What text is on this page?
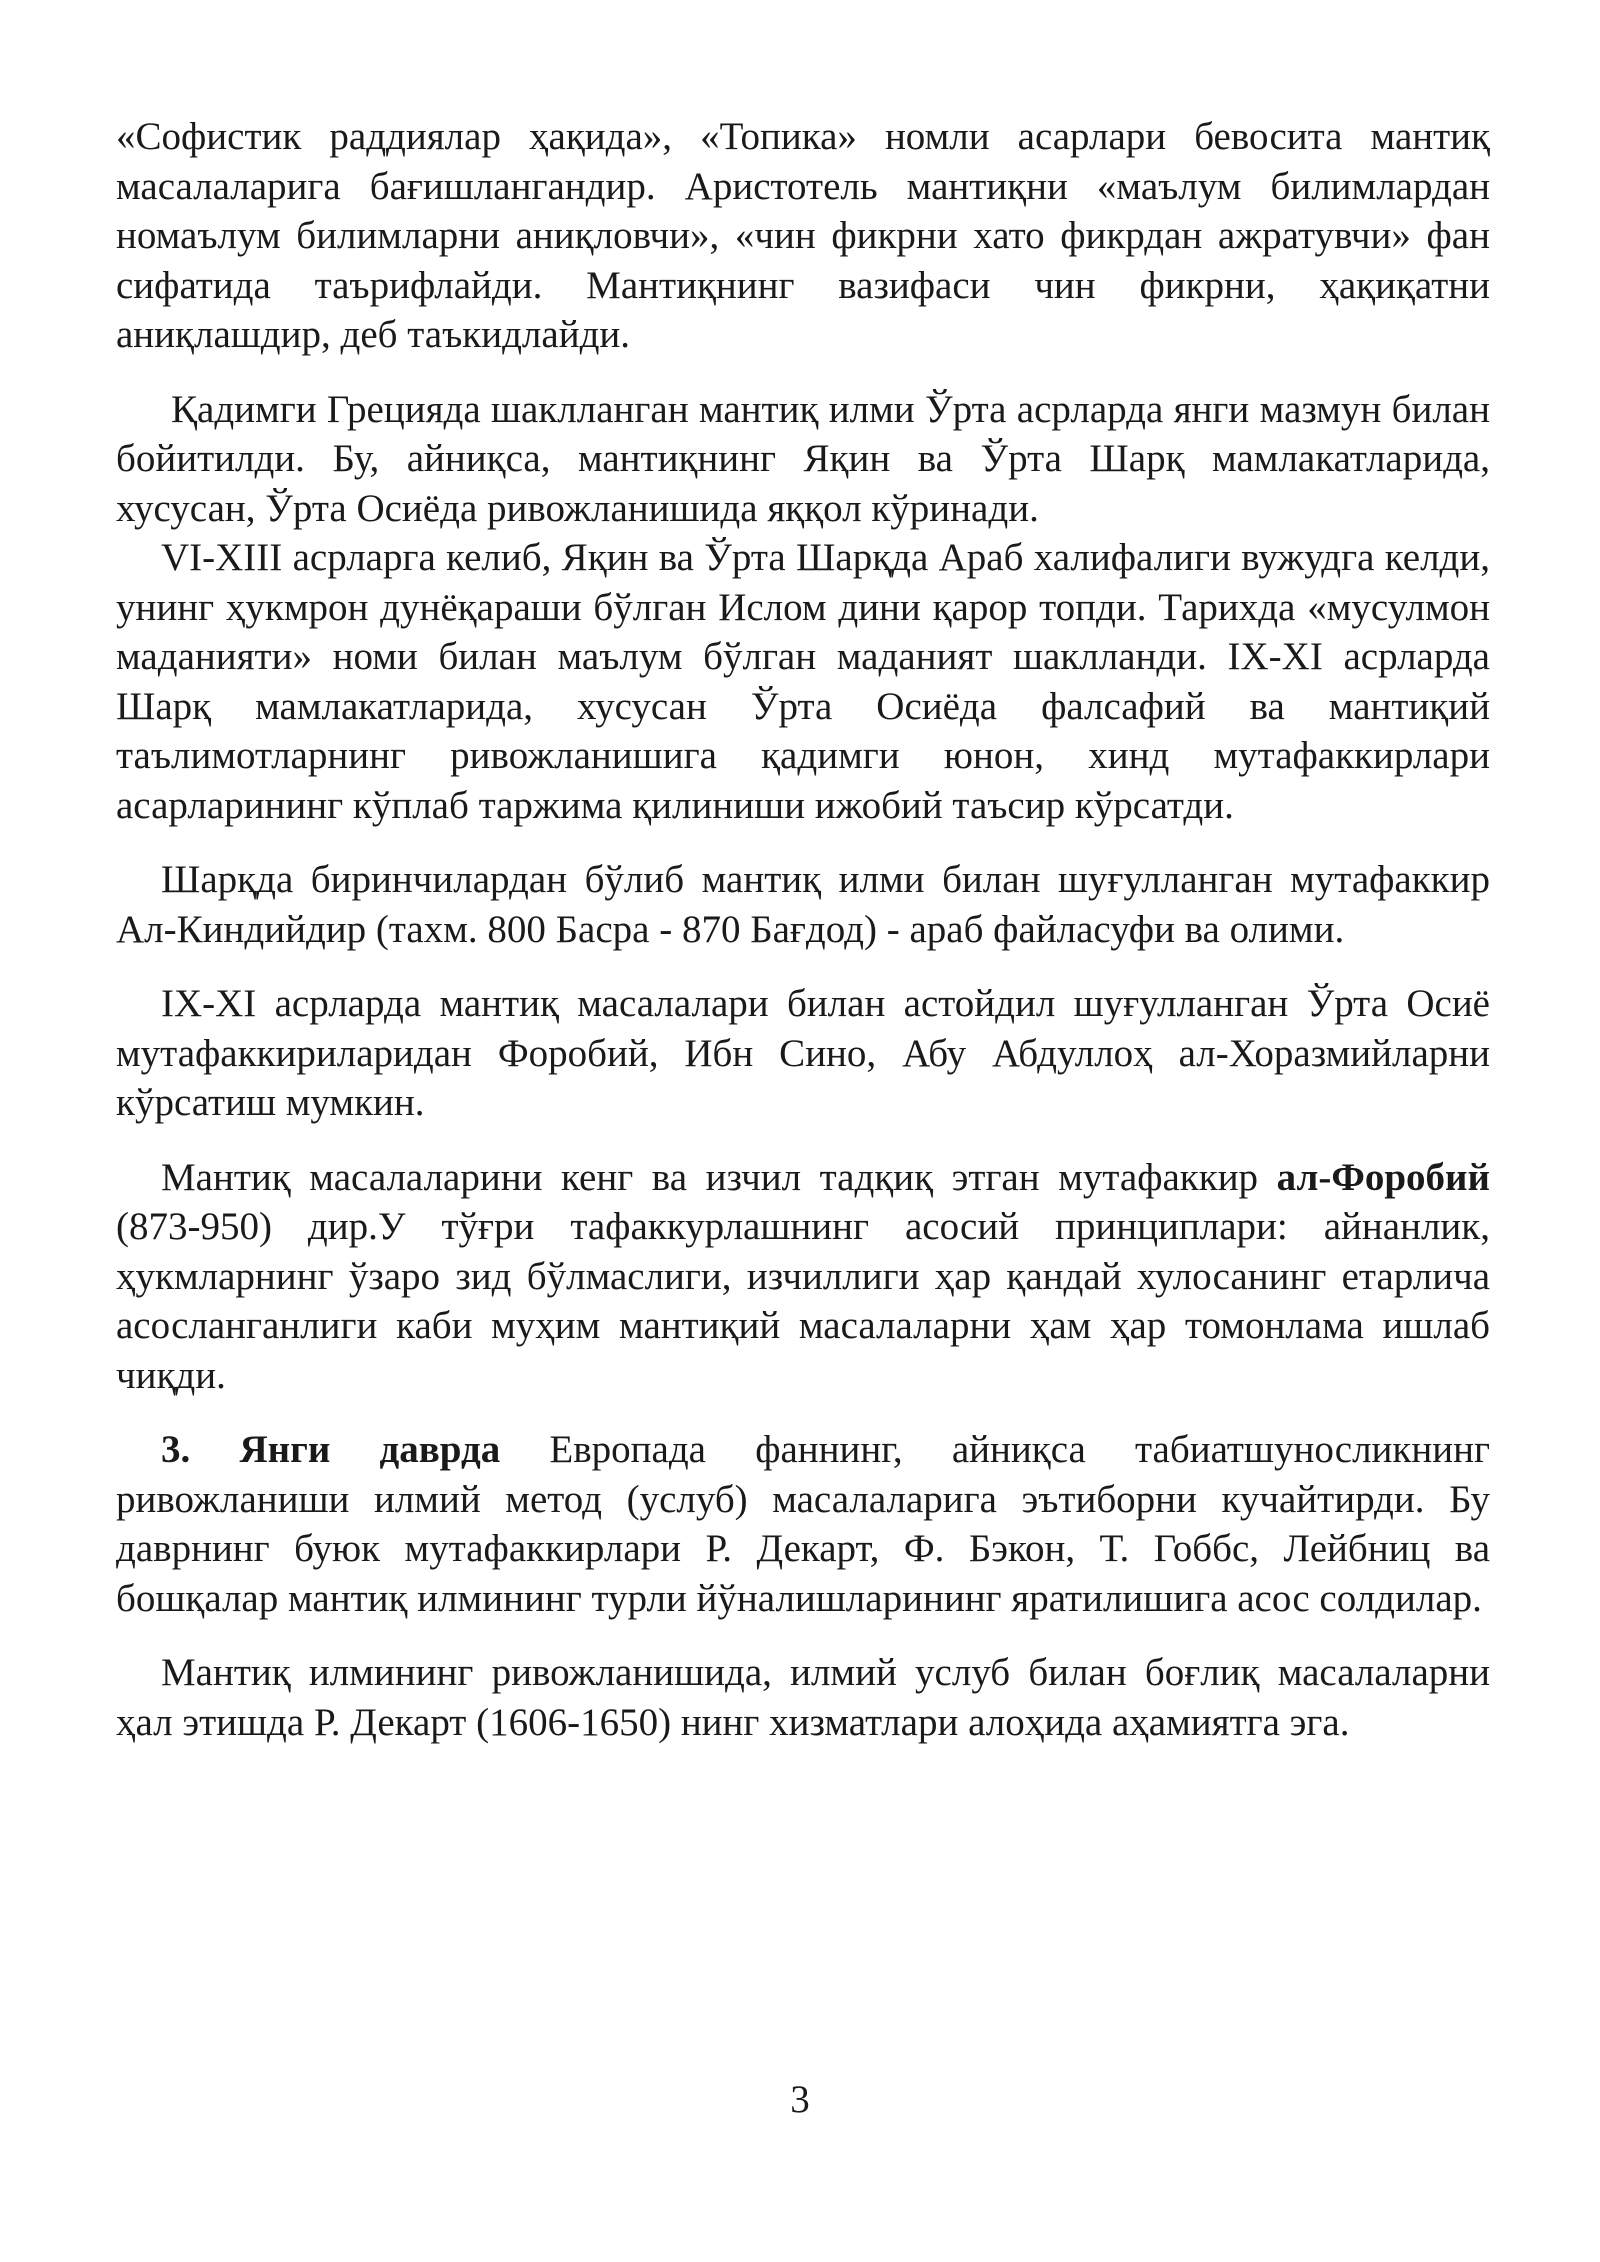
«Софистик раддиялар ҳақида», «Топика» номли асарлари бевосита мантиқ масалаларига бағишлангандир. Аристотель мантиқни «маълум билимлардан номаълум билимларни аниқловчи», «чин фикрни хато фикрдан ажратувчи» фан сифатида таърифлайди. Мантиқнинг вазифаси чин фикрни, ҳақиқатни аниқлашдир, деб таъкидлайди.

Қадимги Грецияда шаклланган мантиқ илми Ўрта асрларда янги мазмун билан бойитилди. Бу, айниқса, мантиқнинг Яқин ва Ўрта Шарқ мамлакатларида, хусусан, Ўрта Осиёда ривожланишида яққол кўринади.

VI-XIII асрларга келиб, Яқин ва Ўрта Шарқда Араб халифалиги вужудга келди, унинг ҳукмрон дунёқараши бўлган Ислом дини қарор топди. Тарихда «мусулмон маданияти» номи билан маълум бўлган маданият шаклланди. IX-XI асрларда Шарқ мамлакатларида, хусусан Ўрта Осиёда фалсафий ва мантиқий таълимотларнинг ривожланишига қадимги юнон, хинд мутафаккирлари асарларининг кўплаб таржима қилиниши ижобий таъсир кўрсатди.

Шарқда биринчилардан бўлиб мантиқ илми билан шуғулланган мутафаккир Ал-Киндийдир (тахм. 800 Басра - 870 Бағдод) - араб файласуфи ва олими.

IX-XI асрларда мантиқ масалалари билан астойдил шуғулланган Ўрта Осиё мутафаккириларидан Форобий, Ибн Сино, Абу Абдуллоҳ ал-Хоразмийларни кўрсатиш мумкин.

Мантиқ масалаларини кенг ва изчил тадқиқ этган мутафаккир ал-Форобий (873-950) дир.У тўғри тафаккурлашнинг асосий принциплари: айнанлик, ҳукмларнинг ўзаро зид бўлмаслиги, изчиллиги ҳар қандай хулосанинг етарлича асосланганлиги каби муҳим мантиқий масалаларни ҳам ҳар томонлама ишлаб чиқди.

3. Янги даврда Европада фаннинг, айниқса табиатшуносликнинг ривожланиши илмий метод (услуб) масалаларига эътиборни кучайтирди. Бу даврнинг буюк мутафаккирлари Р. Декарт, Ф. Бэкон, Т. Гоббс, Лейбниц ва бошқалар мантиқ илмининг турли йўналишларининг яратилишига асос солдилар.

Мантиқ илмининг ривожланишида, илмий услуб билан боғлиқ масалаларни ҳал этишда Р. Декарт (1606-1650) нинг хизматлари алоҳида аҳамиятга эга.

3
